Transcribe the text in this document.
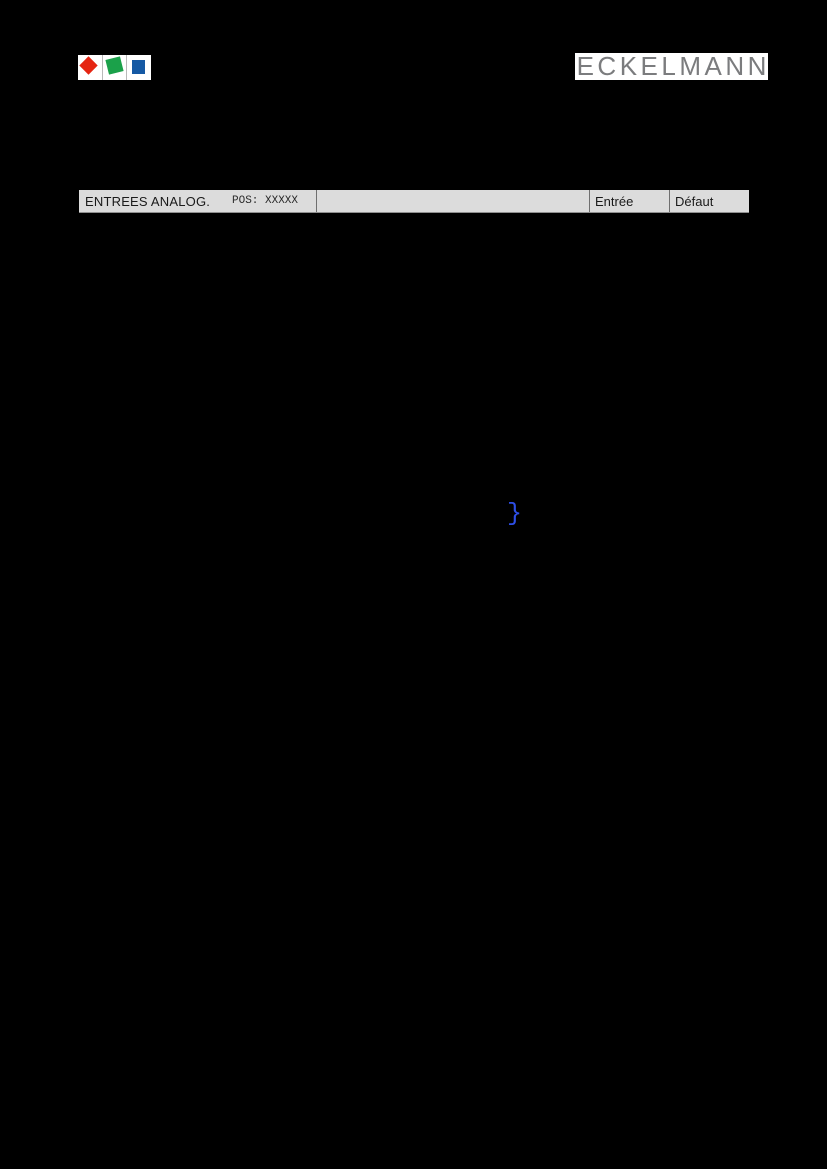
ECKELMANN
ENTREES ANALOG. POS: XXXXX	Entrée	Défaut
}
